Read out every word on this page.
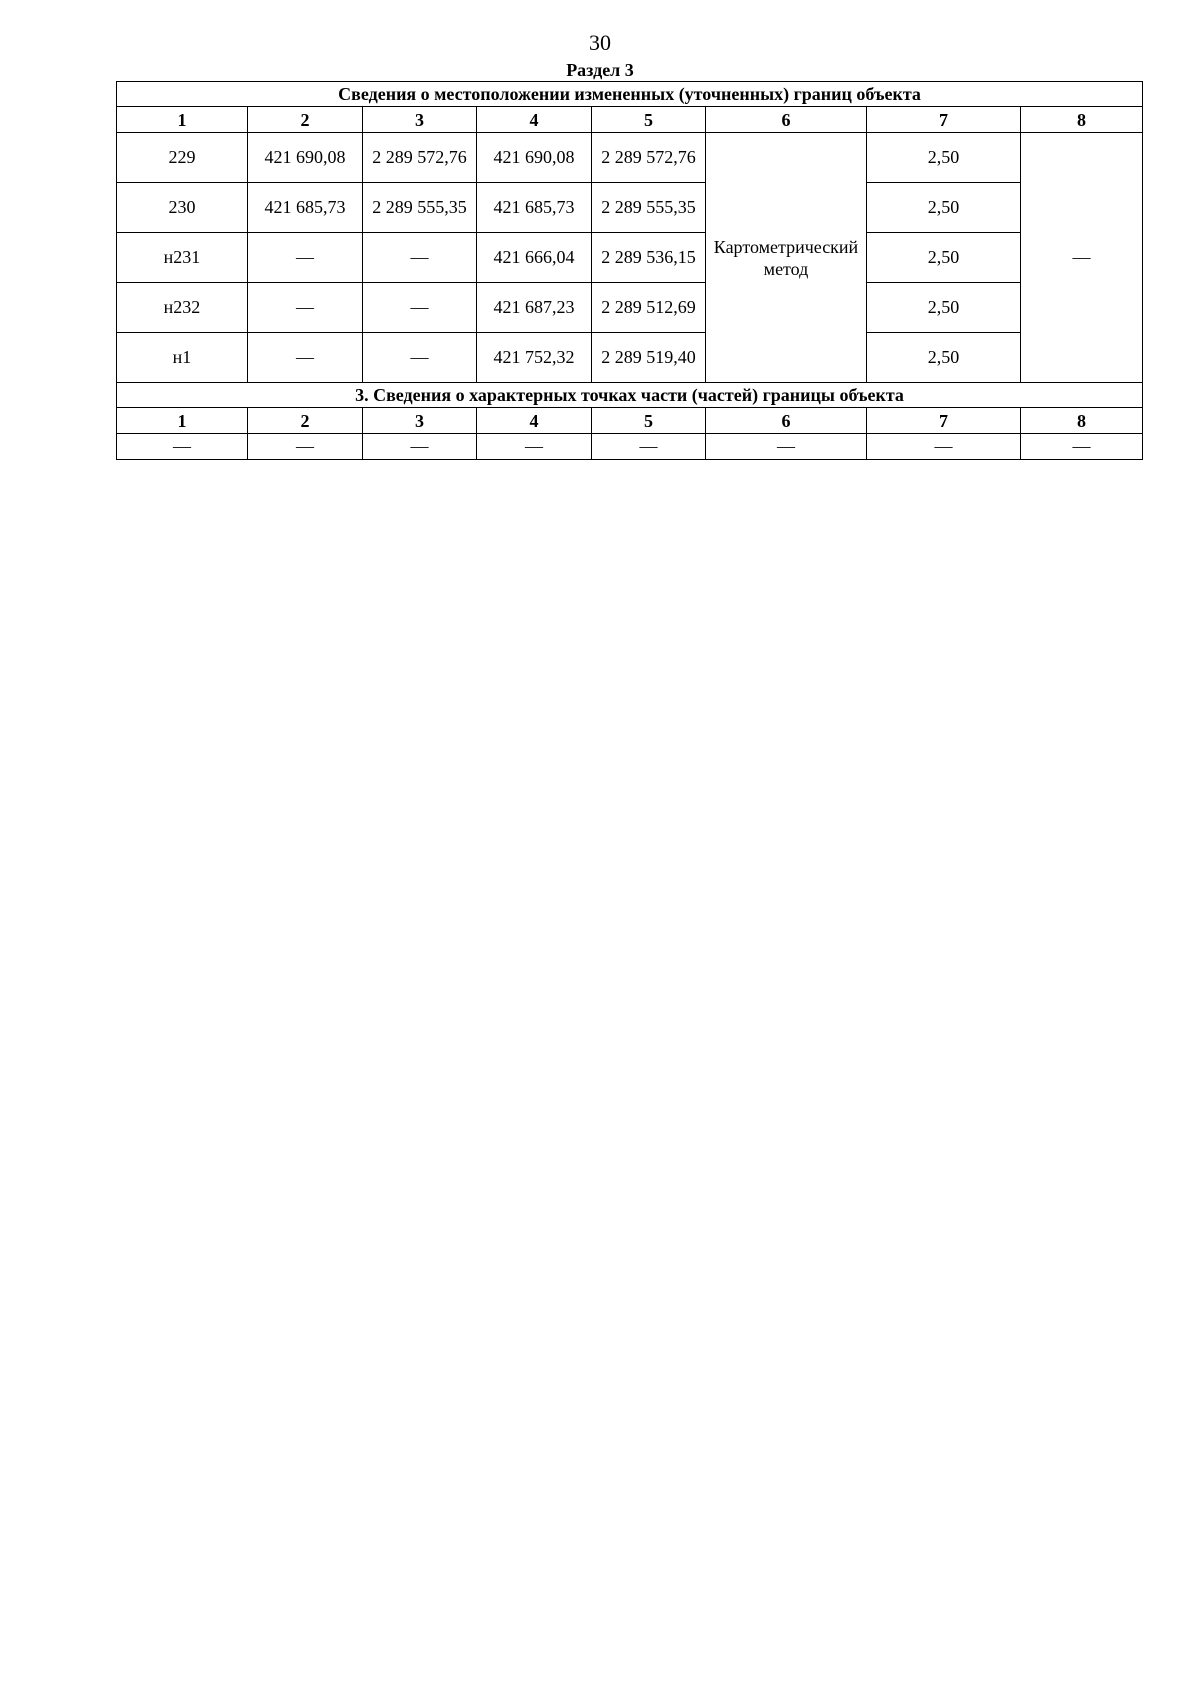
30
Раздел 3
Сведения о местоположении измененных (уточненных) границ объекта							
1	2	3	4	5	6	7	8
229	421 690,08	2 289 572,76	421 690,08	2 289 572,76	Картометрический метод	2,50	—
230	421 685,73	2 289 555,35	421 685,73	2 289 555,35		2,50	
н231	—	—	421 666,04	2 289 536,15		2,50	
н232	—	—	421 687,23	2 289 512,69		2,50	
н1	—	—	421 752,32	2 289 519,40		2,50	
3. Сведения о характерных точках части (частей) границы объекта							
1	2	3	4	5	6	7	8
—	—	—	—	—	—	—	—
